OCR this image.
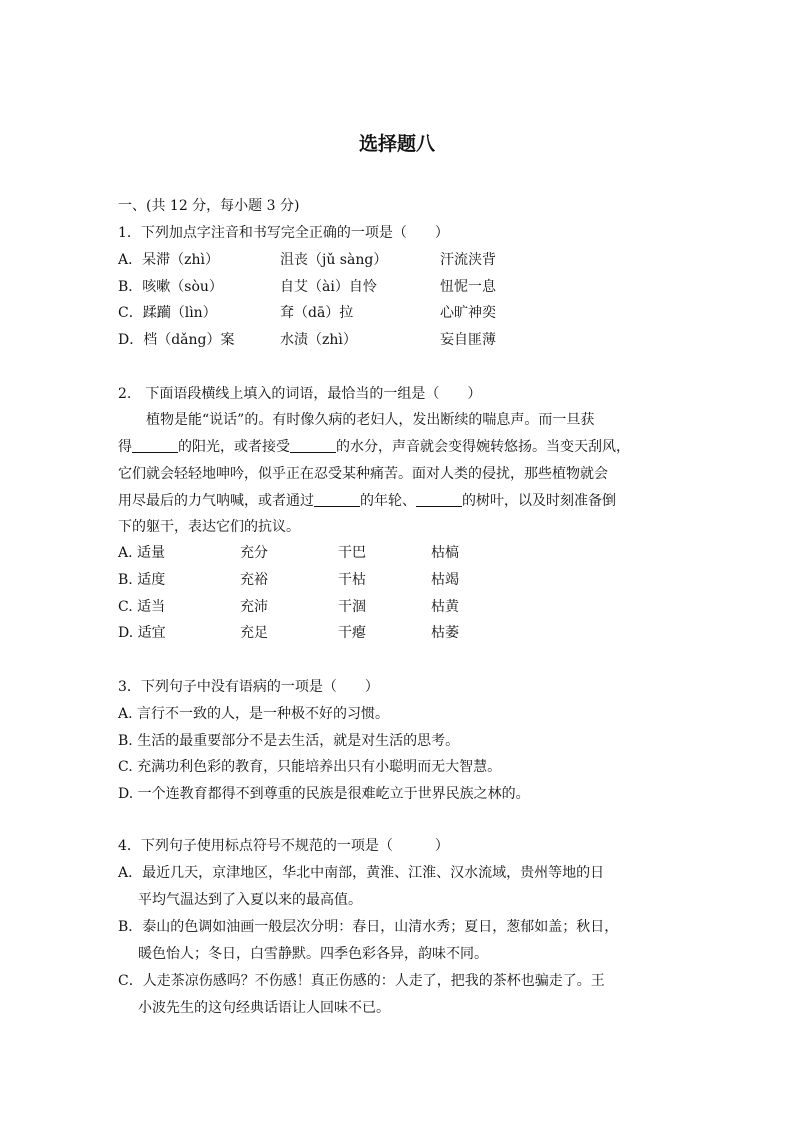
选择题八
一、(共 12 分，每小题 3 分)
1．下列加点字注音和书写完全正确的一项是（　　）
A．呆滞（zhì）	沮丧（jǔ sàng）	汗流浃背
B．咳嗽（sòu）	自艾（ài）自怜	忸怩一息
C．蹂躏（lìn）	耷（dā）拉	心旷神奕
D．档（dǎng）案	水渍（zhì）	妄自匪薄
2.　下面语段横线上填入的词语，最恰当的一组是（　　）
植物是能“说话”的。有时像久病的老妇人，发出断续的喘息声。而一旦获
得	的阳光，或者接受	的水分，声音就会变得婉转悠扬。当变天刮风，
它们就会轻轻地呻吟，似乎正在忍受某种痛苦。面对人类的侵扰，那些植物就会
用尽最后的力气呐喊，或者通过	的年轮、	的树叶，以及时刻准备倒
下的躯干，表达它们的抗议。
A. 适量	充分	干巴	枯槁
B. 适度	充裕	干枯	枯竭
C. 适当	充沛	干涸	枯黄
D. 适宜	充足	干瘪	枯萎
3．下列句子中没有语病的一项是（　　）
A. 言行不一致的人，是一种极不好的习惯。
B. 生活的最重要部分不是去生活，就是对生活的思考。
C. 充满功利色彩的教育，只能培养出只有小聪明而无大智慧。
D. 一个连教育都得不到尊重的民族是很难屹立于世界民族之林的。
4．下列句子使用标点符号不规范的一项是（　　　）
A．最近几天，京津地区，华北中南部，黄淮、江淮、汉水流域，贵州等地的日
平均气温达到了入夏以来的最高值。
B．泰山的色调如油画一般层次分明：春日，山清水秀；夏日，葱郁如盖；秋日，
暖色怡人；冬日，白雪静默。四季色彩各异，韵味不同。
C．人走茶凉伤感吗？不伤感！真正伤感的：人走了，把我的茶杯也骗走了。王
小波先生的这句经典话语让人回味不已。
